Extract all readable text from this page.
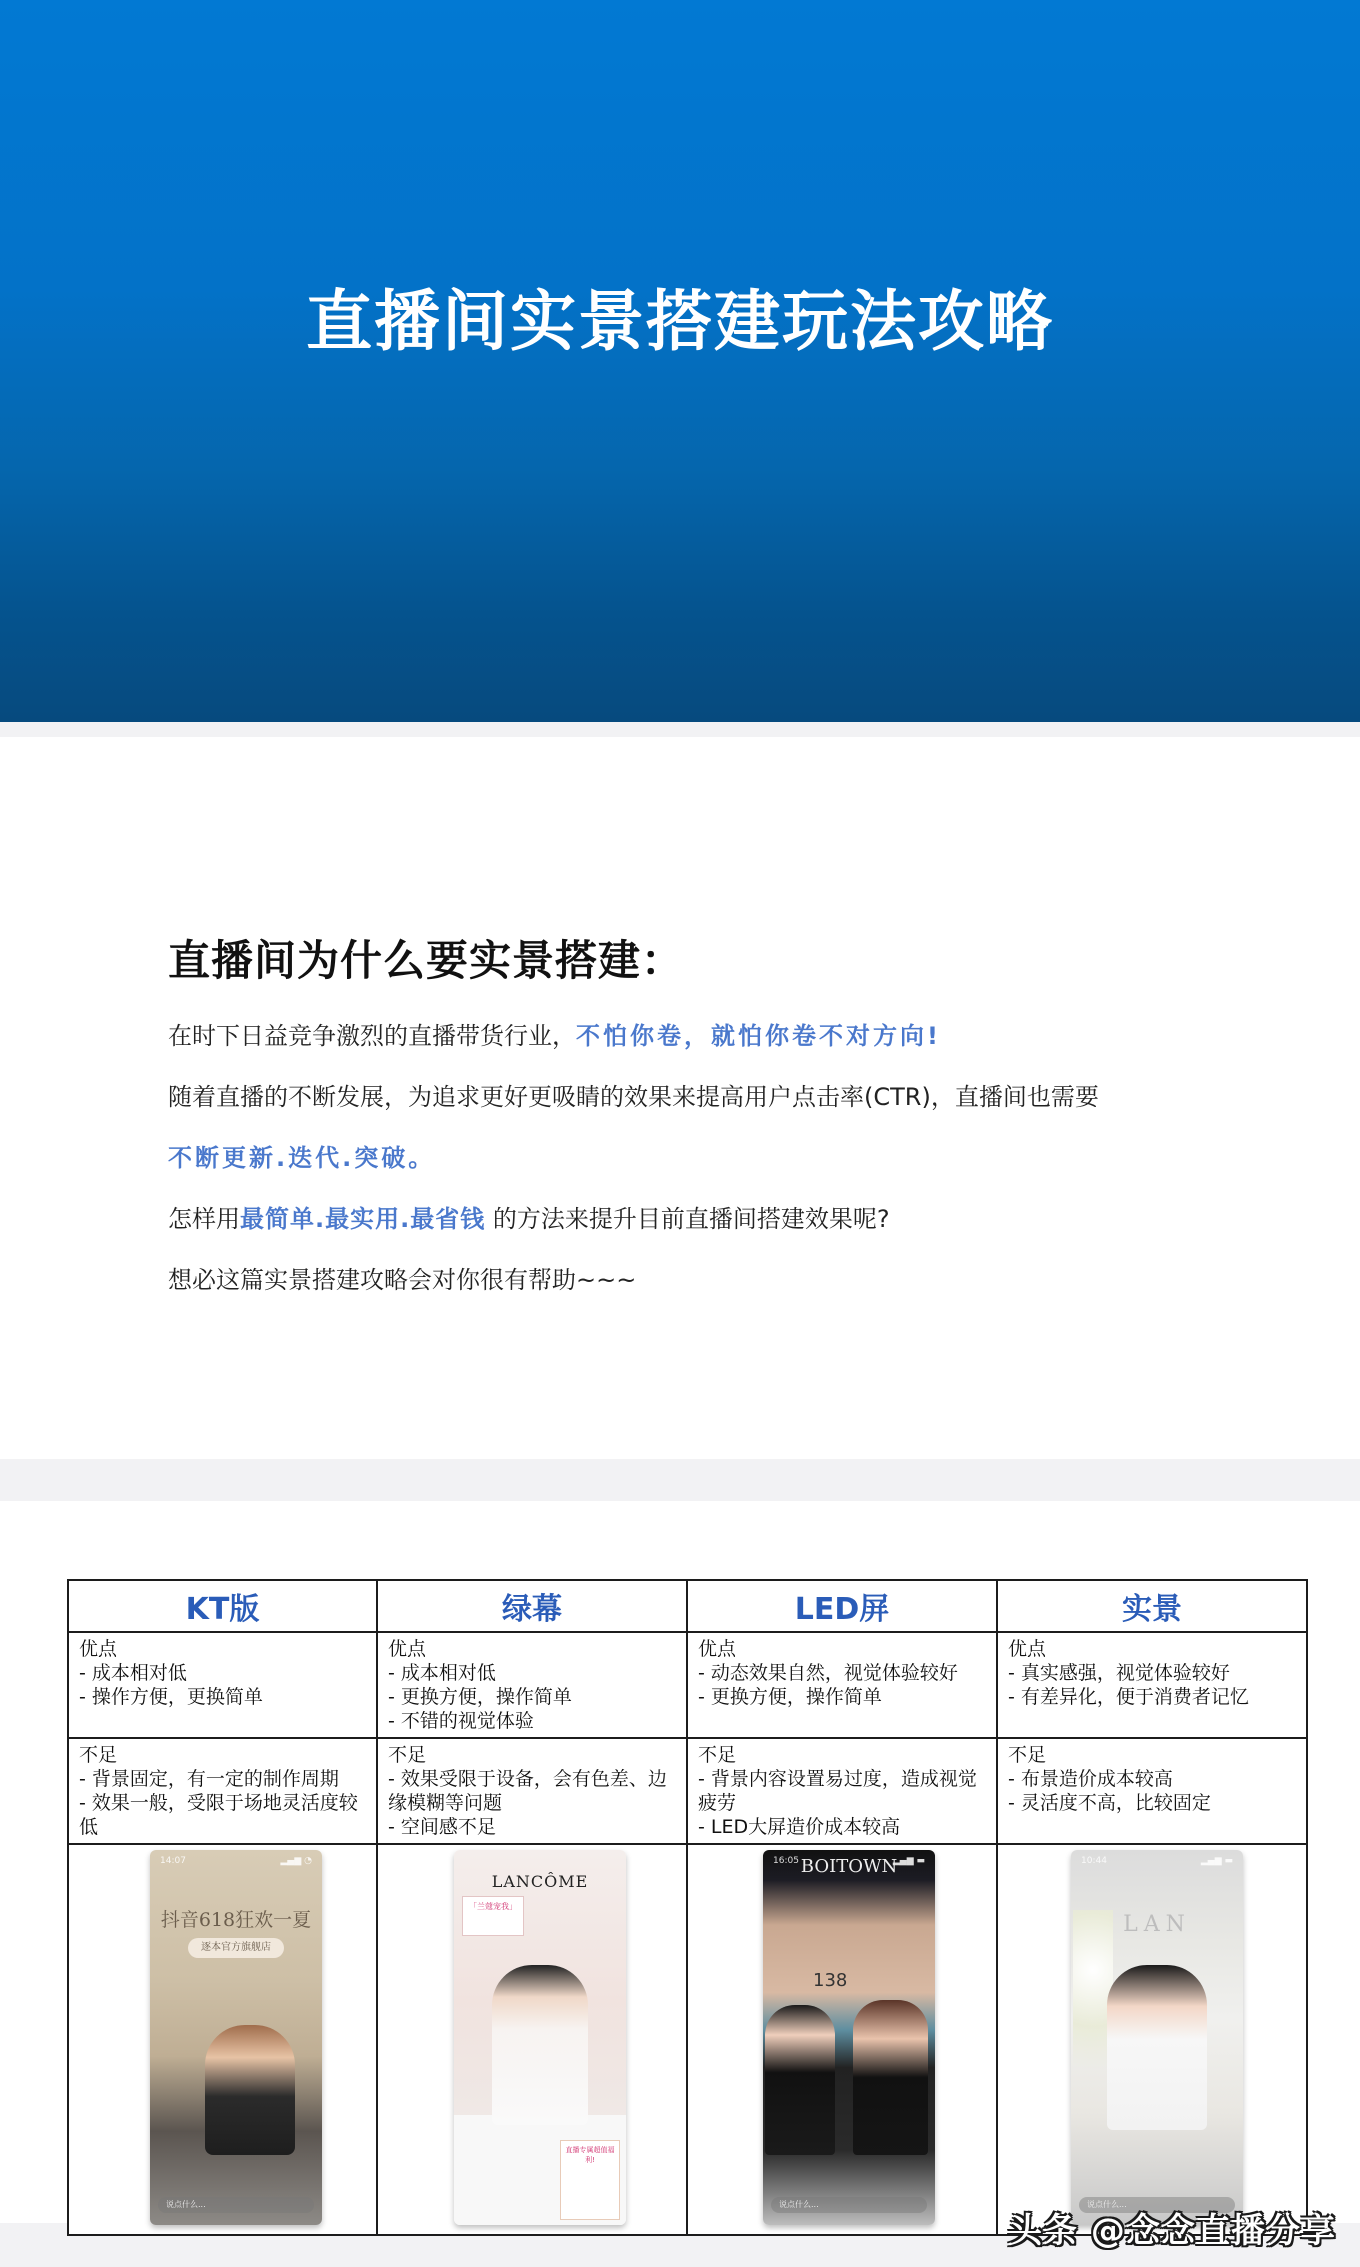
直播间实景搭建玩法攻略
直播间为什么要实景搭建：

在时下日益竞争激烈的直播带货行业，不怕你卷，就怕你卷不对方向!

随着直播的不断发展，为追求更好更吸睛的效果来提高用户点击率(CTR)，直播间也需要

不断更新.迭代.突破。

怎样用最简单.最实用.最省钱 的方法来提升目前直播间搭建效果呢?

想必这篇实景搭建攻略会对你很有帮助~~~

KT版	绿幕	LED屏	实景

优点
- 成本相对低
- 操作方便，更换简单	优点
- 成本相对低
- 更换方便，操作简单
- 不错的视觉体验	优点
- 动态效果自然，视觉体验较好
- 更换方便，操作简单	优点
- 真实感强，视觉体验较好
- 有差异化，便于消费者记忆

不足
- 背景固定，有一定的制作周期
- 效果一般，受限于场地灵活度较低	不足
- 效果受限于设备，会有色差、边缘模糊等问题
- 空间感不足	不足
- 背景内容设置易过度，造成视觉疲劳
- LED大屏造价成本较高	不足
- 布景造价成本较高
- 灵活度不高，比较固定

14:07	▂▄▆ ◔
抖音618狂欢一夏
逐本官方旗舰店
说点什么...

LANCÔME
「兰蔻宠我」
直播专属超值福利!

16:05	▂▄▆ ▬
BOITOWN
138
说点什么...

10:44	▂▄▆ ▬
LAN
说点什么...
头条 @念念直播分享
